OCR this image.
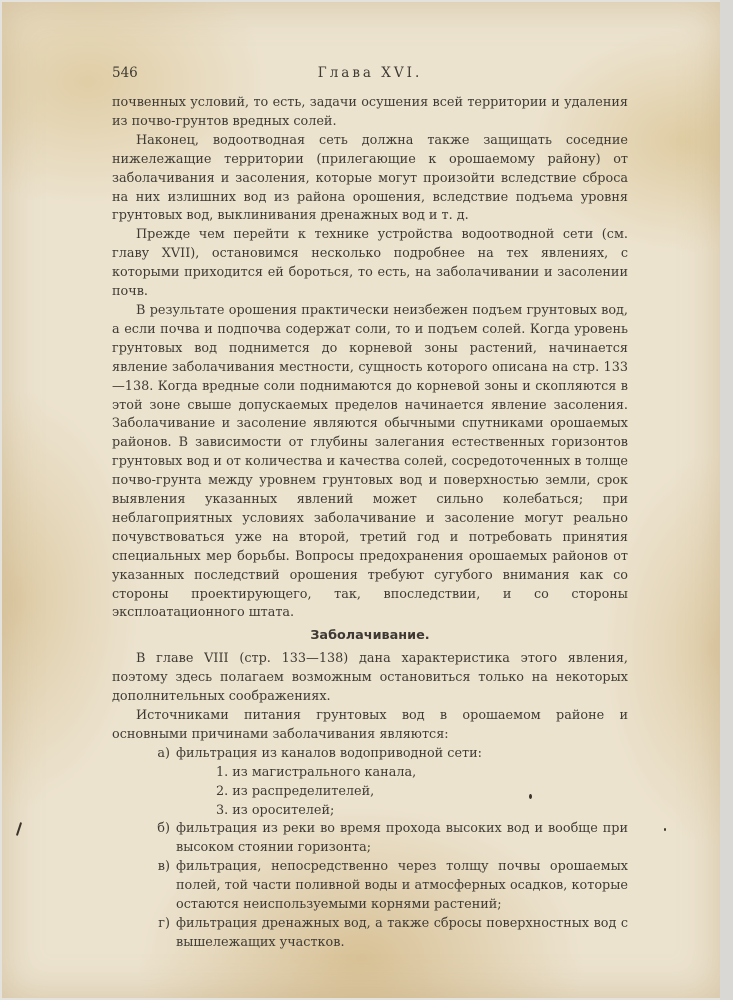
546	Глава XVI.

почвенных условий, то есть, задачи осушения всей территории и удаления из почво-грунтов вредных солей.

Наконец, водоотводная сеть должна также защищать соседние нижележащие территории (прилегающие к орошаемому району) от заболачивания и засоления, которые могут произойти вследствие сброса на них излишних вод из района орошения, вследствие подъема уровня грунтовых вод, выклинивания дренажных вод и т. д.

Прежде чем перейти к технике устройства водоотводной сети (см. главу XVII), остановимся несколько подробнее на тех явлениях, с которыми приходится ей бороться, то есть, на заболачивании и засолении почв.

В результате орошения практически неизбежен подъем грунтовых вод, а если почва и подпочва содержат соли, то и подъем солей. Когда уровень грунтовых вод поднимется до корневой зоны растений, начинается явление заболачивания местности, сущность которого описана на стр. 133—138. Когда вредные соли поднимаются до корневой зоны и скопляются в этой зоне свыше допускаемых пределов начинается явление засоления. Заболачивание и засоление являются обычными спутниками орошаемых районов. В зависимости от глубины залегания естественных горизонтов грунтовых вод и от количества и качества солей, сосредоточенных в толще почво-грунта между уровнем грунтовых вод и поверхностью земли, срок выявления указанных явлений может сильно колебаться; при неблагоприятных условиях заболачивание и засоление могут реально почувствоваться уже на второй, третий год и потребовать принятия специальных мер борьбы. Вопросы предохранения орошаемых районов от указанных последствий орошения требуют сугубого внимания как со стороны проектирующего, так, впоследствии, и со стороны эксплоатационного штата.

Заболачивание.

В главе VIII (стр. 133—138) дана характеристика этого явления, поэтому здесь полагаем возможным остановиться только на некоторых дополнительных соображениях.

Источниками питания грунтовых вод в орошаемом районе и основными причинами заболачивания являются:

а) фильтрация из каналов водоприводной сети:
1. из магистрального канала,
2. из распределителей,
3. из оросителей;
б) фильтрация из реки во время прохода высоких вод и вообще при высоком стоянии горизонта;
в) фильтрация, непосредственно через толщу почвы орошаемых полей, той части поливной воды и атмосферных осадков, которые остаются неиспользуемыми корнями растений;
г) фильтрация дренажных вод, а также сбросы поверхностных вод с вышележащих участков.
